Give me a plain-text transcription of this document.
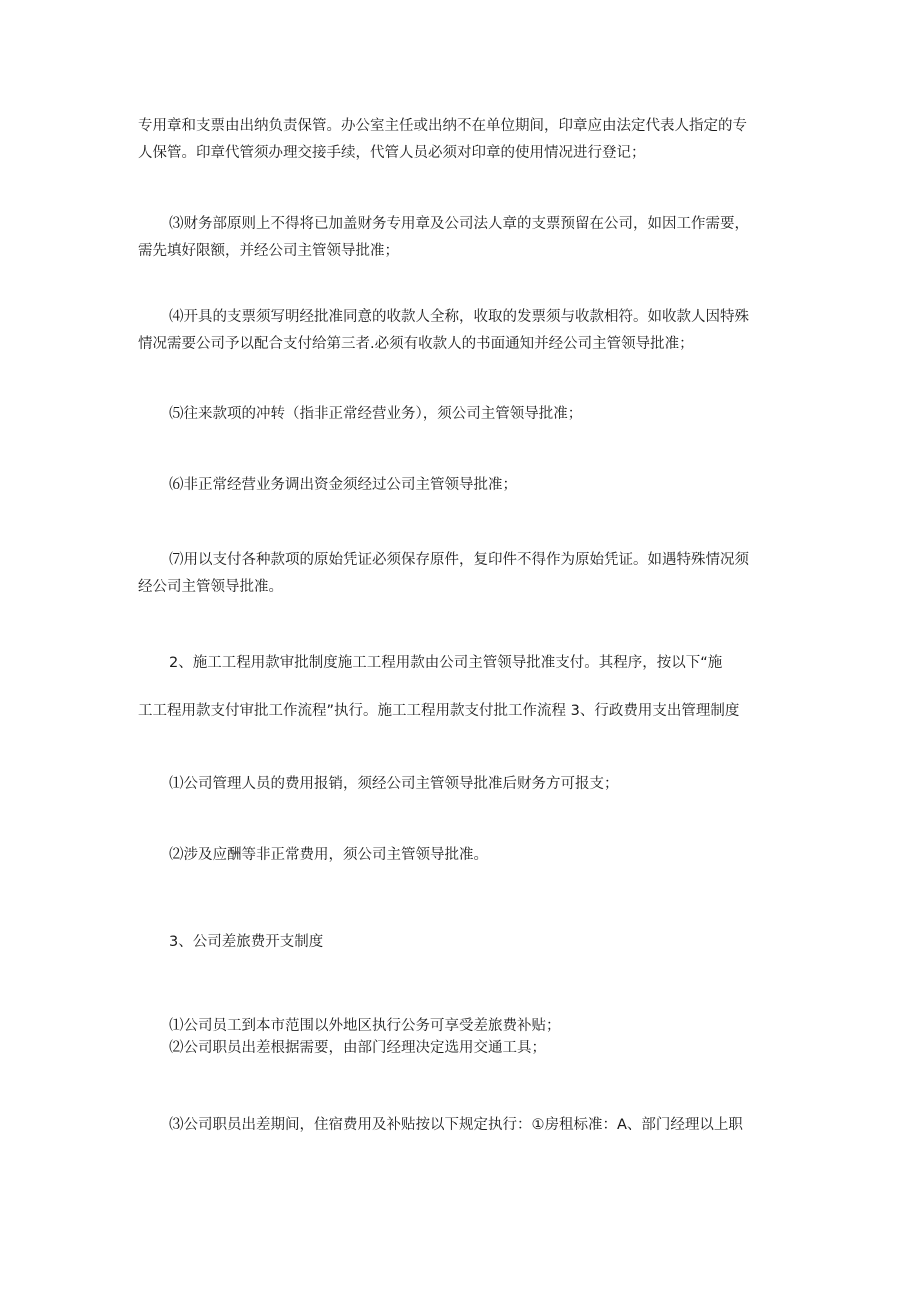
专用章和支票由出纳负责保管。办公室主任或出纳不在单位期间，印章应由法定代表人指定的专
人保管。印章代管须办理交接手续，代管人员必须对印章的使用情况进行登记；
⑶财务部原则上不得将已加盖财务专用章及公司法人章的支票预留在公司，如因工作需要，
需先填好限额，并经公司主管领导批准；
⑷开具的支票须写明经批准同意的收款人全称，收取的发票须与收款相符。如收款人因特殊
情况需要公司予以配合支付给第三者.必须有收款人的书面通知并经公司主管领导批准；
⑸往来款项的冲转（指非正常经营业务），须公司主管领导批准；
⑹非正常经营业务调出资金须经过公司主管领导批准；
⑺用以支付各种款项的原始凭证必须保存原件，复印件不得作为原始凭证。如遇特殊情况须
经公司主管领导批准。
2、施工工程用款审批制度施工工程用款由公司主管领导批准支付。其程序，按以下“施
工工程用款支付审批工作流程”执行。施工工程用款支付批工作流程 3、行政费用支出管理制度
⑴公司管理人员的费用报销，须经公司主管领导批准后财务方可报支；
⑵涉及应酬等非正常费用，须公司主管领导批准。
3、公司差旅费开支制度
⑴公司员工到本市范围以外地区执行公务可享受差旅费补贴；
⑵公司职员出差根据需要，由部门经理决定选用交通工具；
⑶公司职员出差期间，住宿费用及补贴按以下规定执行：①房租标准：A、部门经理以上职
